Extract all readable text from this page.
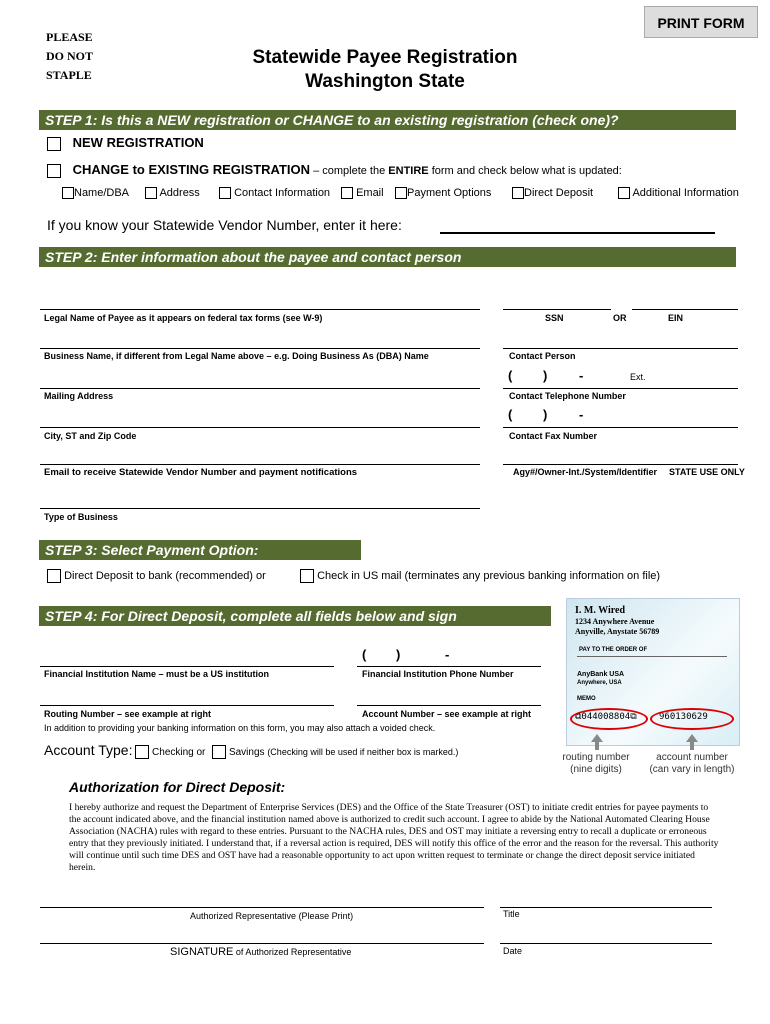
PLEASE
DO NOT
STAPLE
Statewide Payee Registration
Washington State
PRINT FORM
STEP 1: Is this a NEW registration or CHANGE to an existing registration (check one)?
NEW REGISTRATION
CHANGE to EXISTING REGISTRATION – complete the ENTIRE form and check below what is updated:
Name/DBA	Address	Contact Information	Email	Payment Options	Direct Deposit	Additional Information
If you know your Statewide Vendor Number, enter it here:
STEP 2: Enter information about the payee and contact person
Legal Name of Payee as it appears on federal tax forms (see W-9)	SSN	OR	EIN
Business Name, if different from Legal Name above – e.g. Doing Business As (DBA) Name	Contact Person
( ) -	Ext.
Mailing Address	Contact Telephone Number
( ) -
City, ST and Zip Code	Contact Fax Number
Email to receive Statewide Vendor Number and payment notifications	Agy#/Owner-Int./System/Identifier STATE USE ONLY
Type of Business
STEP 3: Select Payment Option:
Direct Deposit to bank (recommended) or	Check in US mail (terminates any previous banking information on file)
STEP 4: For Direct Deposit, complete all fields below and sign
( )	-
Financial Institution Name – must be a US institution	Financial Institution Phone Number
Routing Number – see example at right	Account Number – see example at right
In addition to providing your banking information on this form, you may also attach a voided check.
Account Type: Checking or Savings (Checking will be used if neither box is marked.)
I. M. Wired
1234 Anywhere Avenue
Anyville, Anystate 56789
PAY TO THE ORDER OF
AnyBank USA
Anywhere, USA
MEMO
⧉044008804⧉ 960130629
routing number
(nine digits)
account number
(can vary in length)
Authorization for Direct Deposit:
I hereby authorize and request the Department of Enterprise Services (DES) and the Office of the State Treasurer (OST) to initiate credit entries for payee payments to the account indicated above, and the financial institution named above is authorized to credit such account. I agree to abide by the National Automated Clearing House Association (NACHA) rules with regard to these entries. Pursuant to the NACHA rules, DES and OST may initiate a reversing entry to recall a duplicate or erroneous entry that they previously initiated. I understand that, if a reversal action is required, DES will notify this office of the error and the reason for the reversal. This authority will continue until such time DES and OST have had a reasonable opportunity to act upon written request to terminate or change the direct deposit service initiated herein.
Authorized Representative (Please Print)	Title
SIGNATURE of Authorized Representative	Date
